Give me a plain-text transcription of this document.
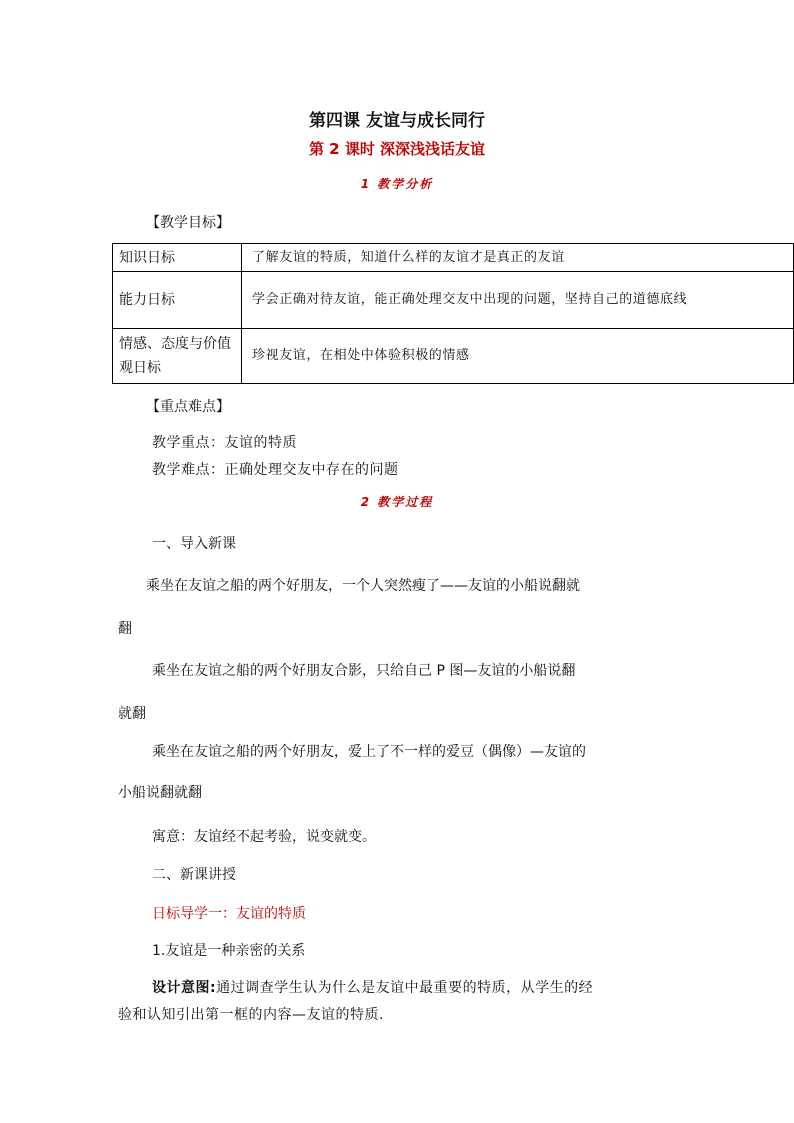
第四课 友谊与成长同行
第 2 课时 深深浅浅话友谊
1 教学分析
【教学目标】
知识日标	了解友谊的特质，知道什么样的友谊才是真正的友谊
能力日标	学会正确对待友谊，能正确处理交友中出现的问题，坚持自己的道德底线
情感、态度与价值观日标	珍视友谊，在相处中体验积极的情感
【重点难点】
教学重点：友谊的特质
教学难点：正确处理交友中存在的问题
2 教学过程
一、导入新课
乘坐在友谊之船的两个好朋友，一个人突然瘦了——友谊的小船说翻就
翻
乘坐在友谊之船的两个好朋友合影，只给自己 P 图—友谊的小船说翻
就翻
乘坐在友谊之船的两个好朋友，爱上了不一样的爱豆（偶像）—友谊的
小船说翻就翻
寓意：友谊经不起考验，说变就变。
二、新课讲授
日标导学一：友谊的特质
1.友谊是一种亲密的关系
设计意图:通过调查学生认为什么是友谊中最重要的特质，从学生的经
验和认知引出第一框的内容—友谊的特质.
